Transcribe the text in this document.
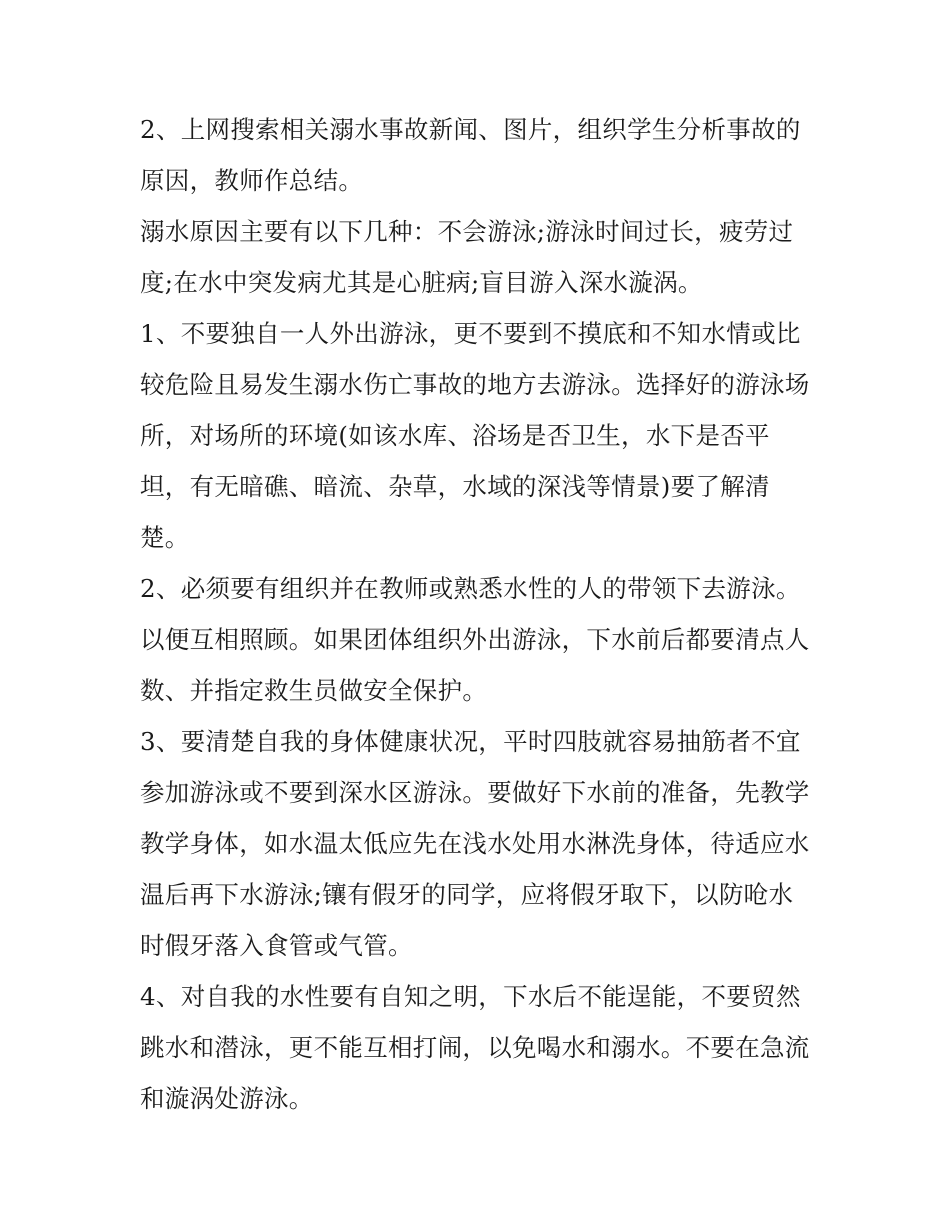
2、上网搜索相关溺水事故新闻、图片，组织学生分析事故的
原因，教师作总结。

溺水原因主要有以下几种：不会游泳;游泳时间过长，疲劳过
度;在水中突发病尤其是心脏病;盲目游入深水漩涡。

1、不要独自一人外出游泳，更不要到不摸底和不知水情或比
较危险且易发生溺水伤亡事故的地方去游泳。选择好的游泳场
所，对场所的环境(如该水库、浴场是否卫生，水下是否平
坦，有无暗礁、暗流、杂草，水域的深浅等情景)要了解清
楚。

2、必须要有组织并在教师或熟悉水性的人的带领下去游泳。
以便互相照顾。如果团体组织外出游泳，下水前后都要清点人
数、并指定救生员做安全保护。

3、要清楚自我的身体健康状况，平时四肢就容易抽筋者不宜
参加游泳或不要到深水区游泳。要做好下水前的准备，先教学
教学身体，如水温太低应先在浅水处用水淋洗身体，待适应水
温后再下水游泳;镶有假牙的同学，应将假牙取下，以防呛水
时假牙落入食管或气管。

4、对自我的水性要有自知之明，下水后不能逞能，不要贸然
跳水和潜泳，更不能互相打闹，以免喝水和溺水。不要在急流
和漩涡处游泳。
